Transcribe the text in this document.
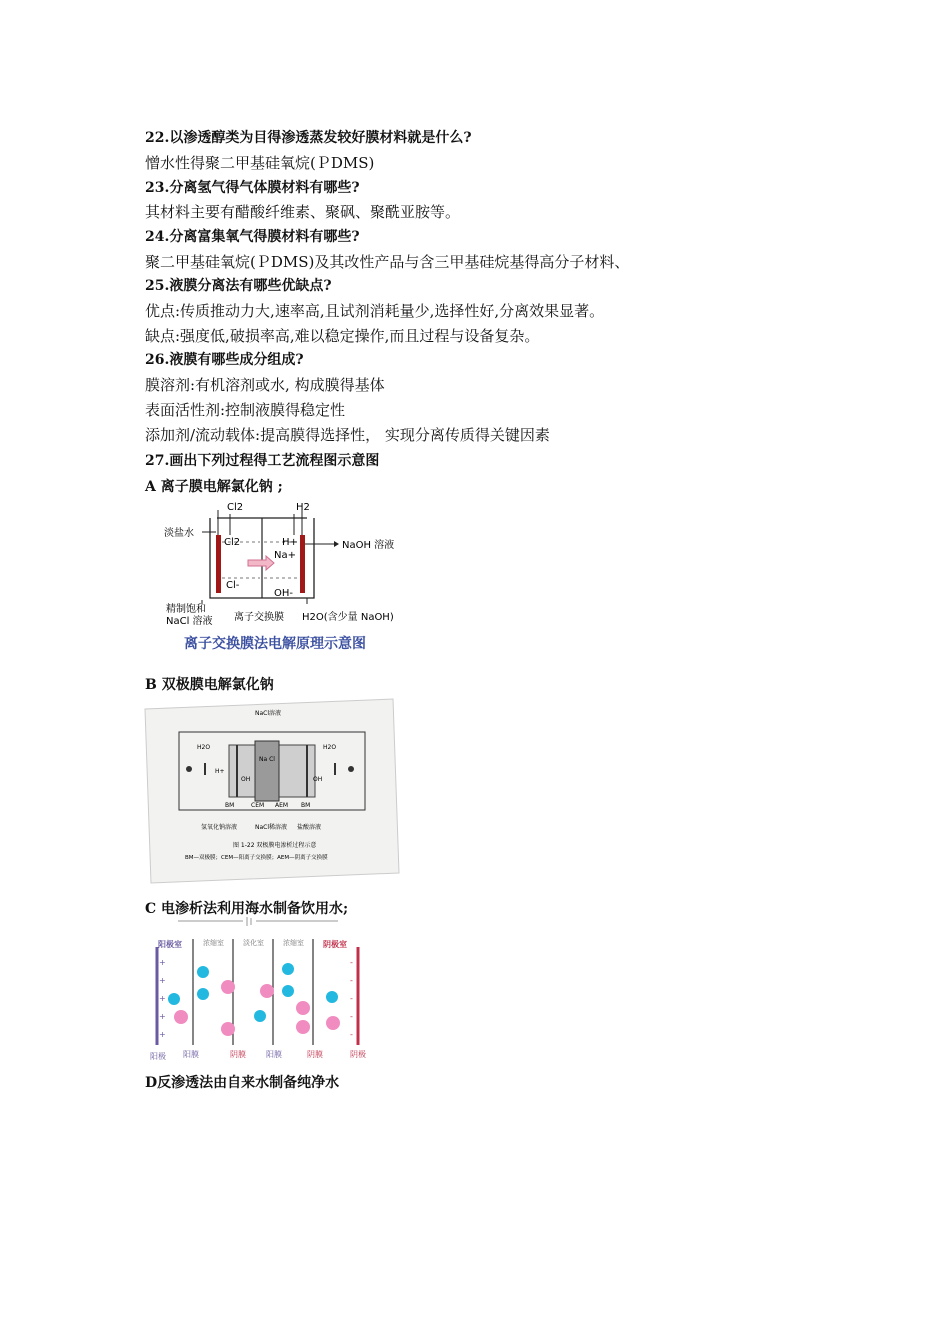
22.以渗透醇类为目得渗透蒸发较好膜材料就是什么?
憎水性得聚二甲基硅氧烷(ＰDMS)
23.分离氢气得气体膜材料有哪些?
其材料主要有醋酸纤维素、聚砜、聚酰亚胺等。
24.分离富集氧气得膜材料有哪些?
聚二甲基硅氧烷(ＰDMS)及其改性产品与含三甲基硅烷基得高分子材料、
25.液膜分离法有哪些优缺点?
优点:传质推动力大,速率高,且试剂消耗量少,选择性好,分离效果显著。
缺点:强度低,破损率高,难以稳定操作,而且过程与设备复杂。
26.液膜有哪些成分组成?
膜溶剂:有机溶剂或水, 构成膜得基体
表面活性剂:控制液膜得稳定性
添加剂/流动载体:提高膜得选择性， 实现分离传质得关键因素
27.画出下列过程得工艺流程图示意图
A 离子膜电解氯化钠 ;
B 双极膜电解氯化钠
C 电渗析法利用海水制备饮用水;
D反渗透法由自来水制备纯净水
Cl2	H2
Cl2	H+
Na+
Cl-
OH-
淡盐水
NaOH 溶液
精制饱和
NaCl 溶液 离子交换膜 H2O(含少量 NaOH)
离子交换膜法电解原理示意图
NaCl溶液
H2O	H2O
H+
OH	OH
Na Cl
BM	CEM AEM BM
氢氧化钠溶液	NaCl稀溶液 盐酸溶液
图 1-22 双极膜电渗析过程示意
BM—双极膜；CEM—阳离子交换膜；AEM—阴离子交换膜
+
+
+
+
+
-
-
-
-
-
阳极室	浓缩室	淡化室	浓缩室 阴极室
阳极 阳膜	阴膜	阳膜	阴膜	阴极
